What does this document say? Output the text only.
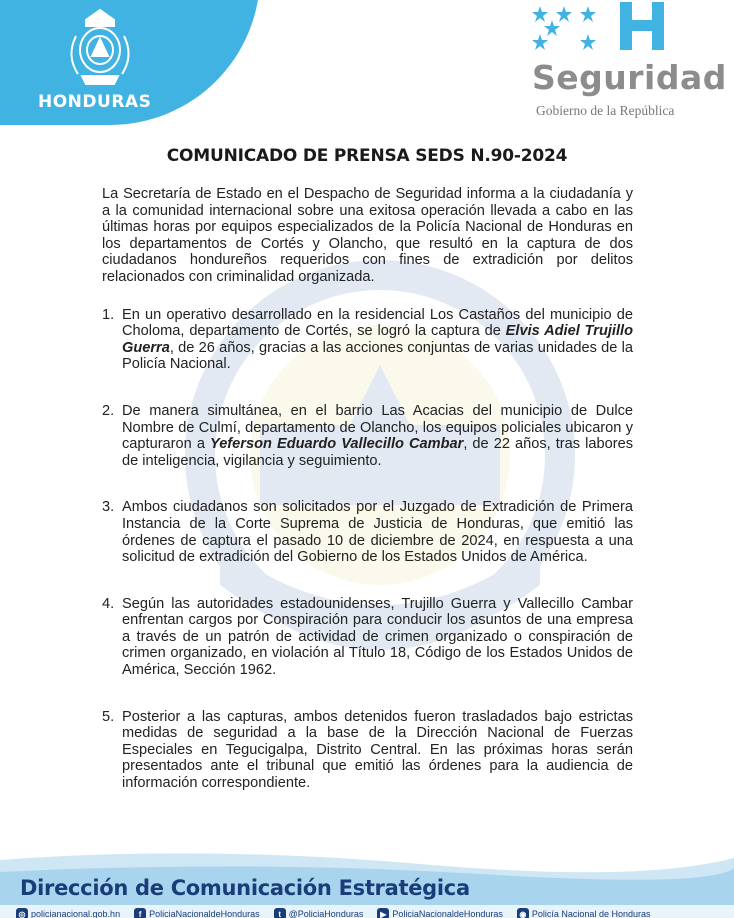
HONDURAS
Seguridad
Gobierno de la República
COMUNICADO DE PRENSA SEDS N.90-2024

La Secretaría de Estado en el Despacho de Seguridad informa a la ciudadanía y a la comunidad internacional sobre una exitosa operación llevada a cabo en las últimas horas por equipos especializados de la Policía Nacional de Honduras en los departamentos de Cortés y Olancho, que resultó en la captura de dos ciudadanos hondureños requeridos con fines de extradición por delitos relacionados con criminalidad organizada.

1. En un operativo desarrollado en la residencial Los Castaños del municipio de Choloma, departamento de Cortés, se logró la captura de Elvis Adiel Trujillo Guerra, de 26 años, gracias a las acciones conjuntas de varias unidades de la Policía Nacional.
2. De manera simultánea, en el barrio Las Acacias del municipio de Dulce Nombre de Culmí, departamento de Olancho, los equipos policiales ubicaron y capturaron a Yeferson Eduardo Vallecillo Cambar, de 22 años, tras labores de inteligencia, vigilancia y seguimiento.
3. Ambos ciudadanos son solicitados por el Juzgado de Extradición de Primera Instancia de la Corte Suprema de Justicia de Honduras, que emitió las órdenes de captura el pasado 10 de diciembre de 2024, en respuesta a una solicitud de extradición del Gobierno de los Estados Unidos de América.
4. Según las autoridades estadounidenses, Trujillo Guerra y Vallecillo Cambar enfrentan cargos por Conspiración para conducir los asuntos de una empresa a través de un patrón de actividad de crimen organizado o conspiración de crimen organizado, en violación al Título 18, Código de los Estados Unidos de América, Sección 1962.
5. Posterior a las capturas, ambos detenidos fueron trasladados bajo estrictas medidas de seguridad a la base de la Dirección Nacional de Fuerzas Especiales en Tegucigalpa, Distrito Central. En las próximas horas serán presentados ante el tribunal que emitió las órdenes para la audiencia de información correspondiente.
Dirección de Comunicación Estratégica
◎ policianacional.gob.hn	f PoliciaNacionaldeHonduras	t @PoliciaHonduras	▶ PoliciaNacionaldeHonduras	◉ Policía Nacional de Honduras
